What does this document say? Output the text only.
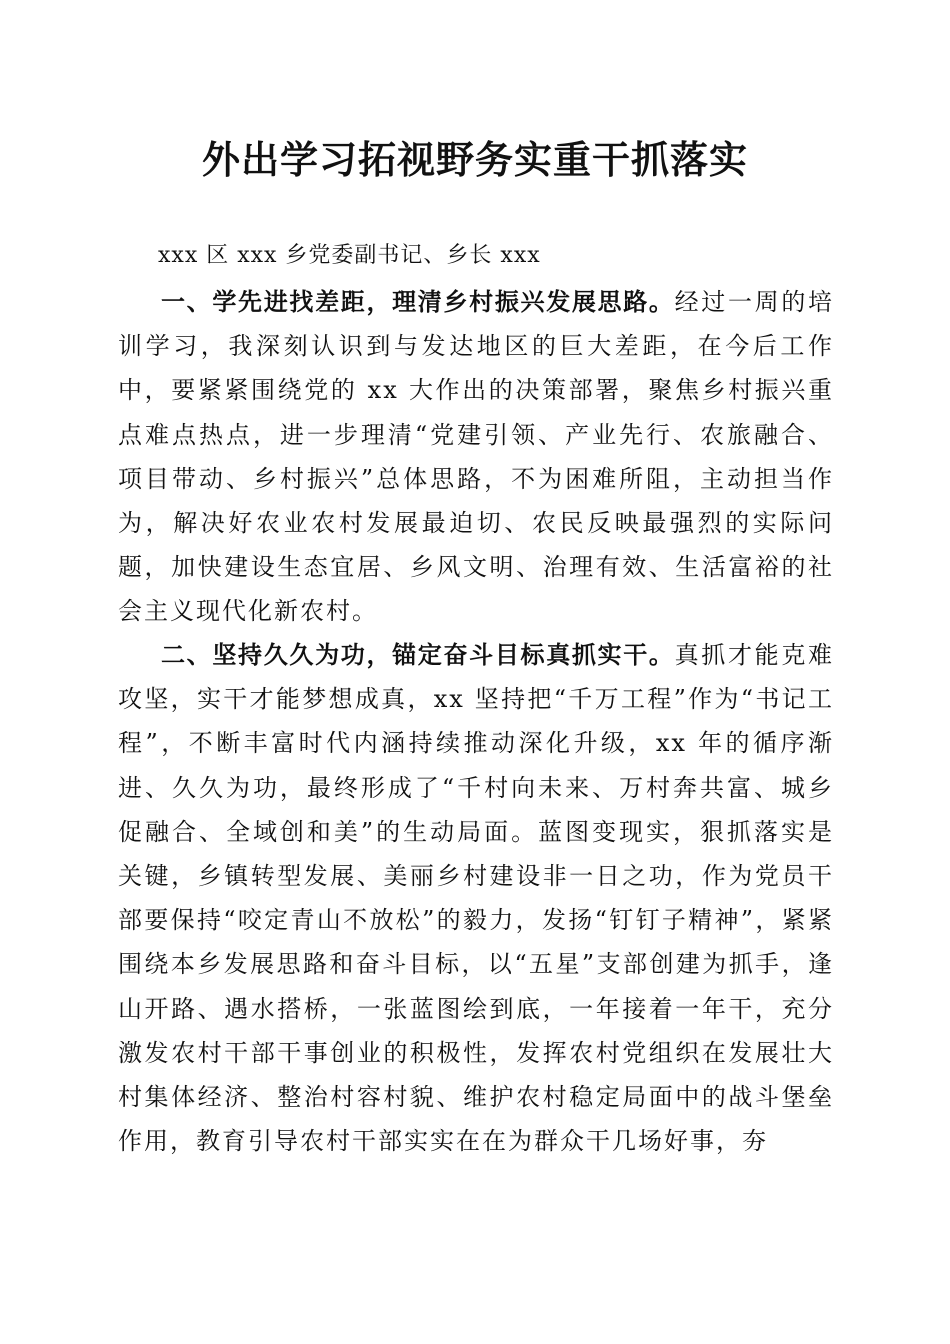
外出学习拓视野务实重干抓落实
xxx 区 xxx 乡党委副书记、乡长 xxx

一、学先进找差距，理清乡村振兴发展思路。经过一周的培训学习，我深刻认识到与发达地区的巨大差距，在今后工作中，要紧紧围绕党的 xx 大作出的决策部署，聚焦乡村振兴重点难点热点，进一步理清“党建引领、产业先行、农旅融合、项目带动、乡村振兴”总体思路，不为困难所阻，主动担当作为，解决好农业农村发展最迫切、农民反映最强烈的实际问题，加快建设生态宜居、乡风文明、治理有效、生活富裕的社会主义现代化新农村。

二、坚持久久为功，锚定奋斗目标真抓实干。真抓才能克难攻坚，实干才能梦想成真，xx 坚持把“千万工程”作为“书记工程”，不断丰富时代内涵持续推动深化升级，xx 年的循序渐进、久久为功，最终形成了“千村向未来、万村奔共富、城乡促融合、全域创和美”的生动局面。蓝图变现实，狠抓落实是关键，乡镇转型发展、美丽乡村建设非一日之功，作为党员干部要保持“咬定青山不放松”的毅力，发扬“钉钉子精神”，紧紧围绕本乡发展思路和奋斗目标，以“五星”支部创建为抓手，逢山开路、遇水搭桥，一张蓝图绘到底，一年接着一年干，充分激发农村干部干事创业的积极性，发挥农村党组织在发展壮大村集体经济、整治村容村貌、维护农村稳定局面中的战斗堡垒作用，教育引导农村干部实实在在为群众干几场好事，夯
